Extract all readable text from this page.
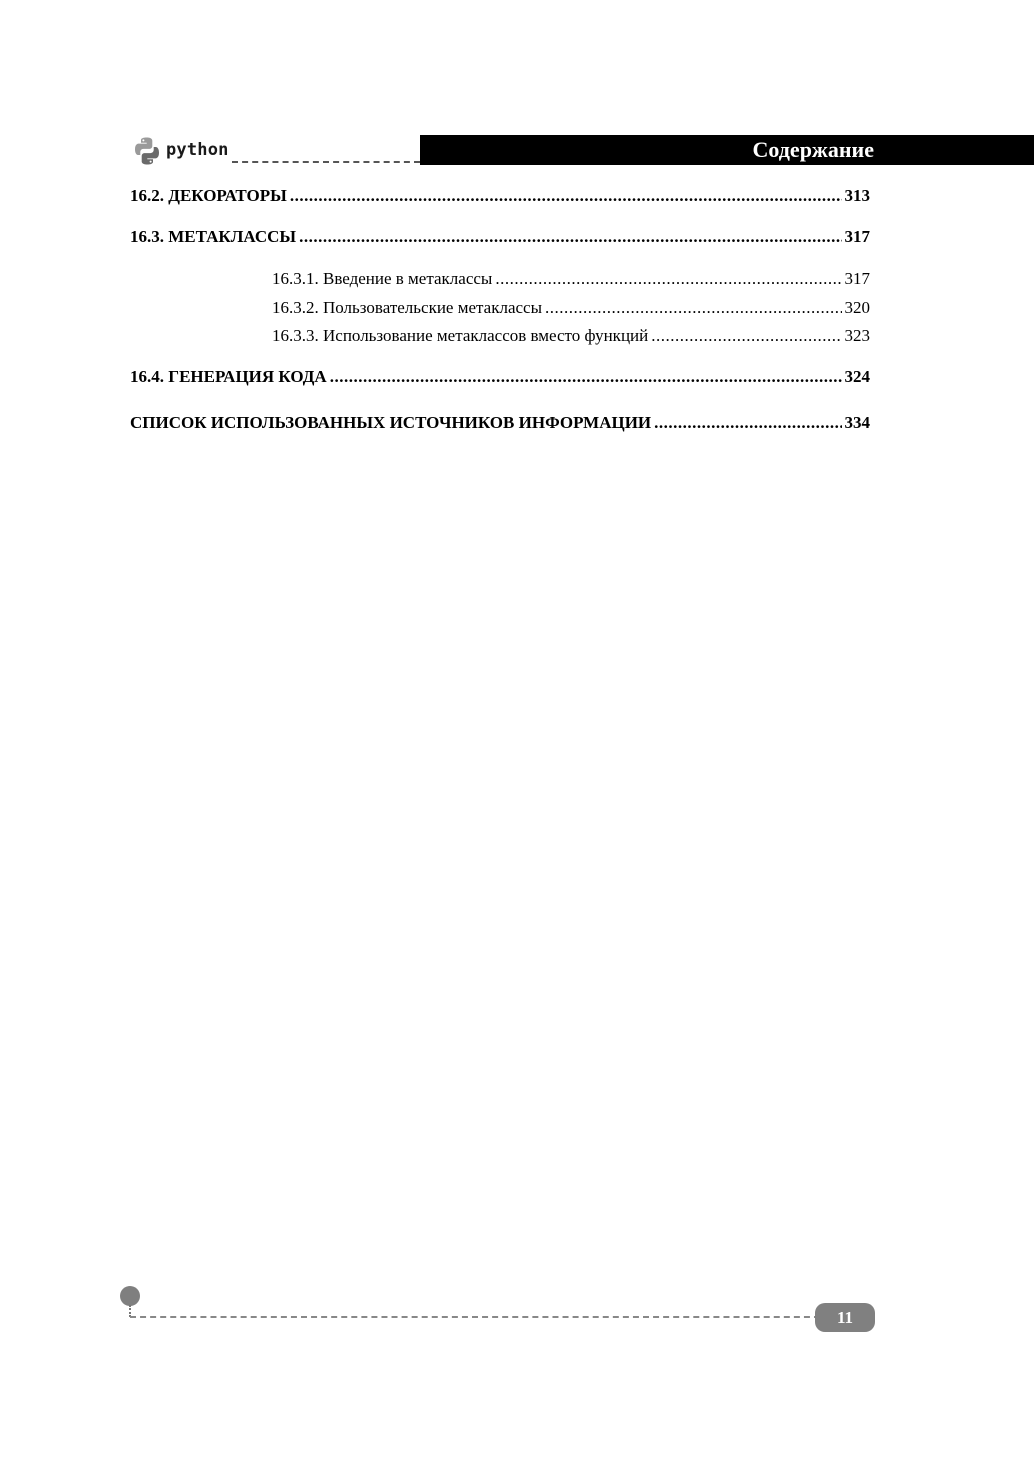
python	Содержание
16.2. ДЕКОРАТОРЫ .....	313
16.3. МЕТАКЛАССЫ .....	317
16.3.1. Введение в метаклассы .....	317
16.3.2. Пользовательские метаклассы .....	320
16.3.3. Использование метаклассов вместо функций .....	323
16.4. ГЕНЕРАЦИЯ КОДА .....	324
СПИСОК ИСПОЛЬЗОВАННЫХ ИСТОЧНИКОВ ИНФОРМАЦИИ .....	334
11
